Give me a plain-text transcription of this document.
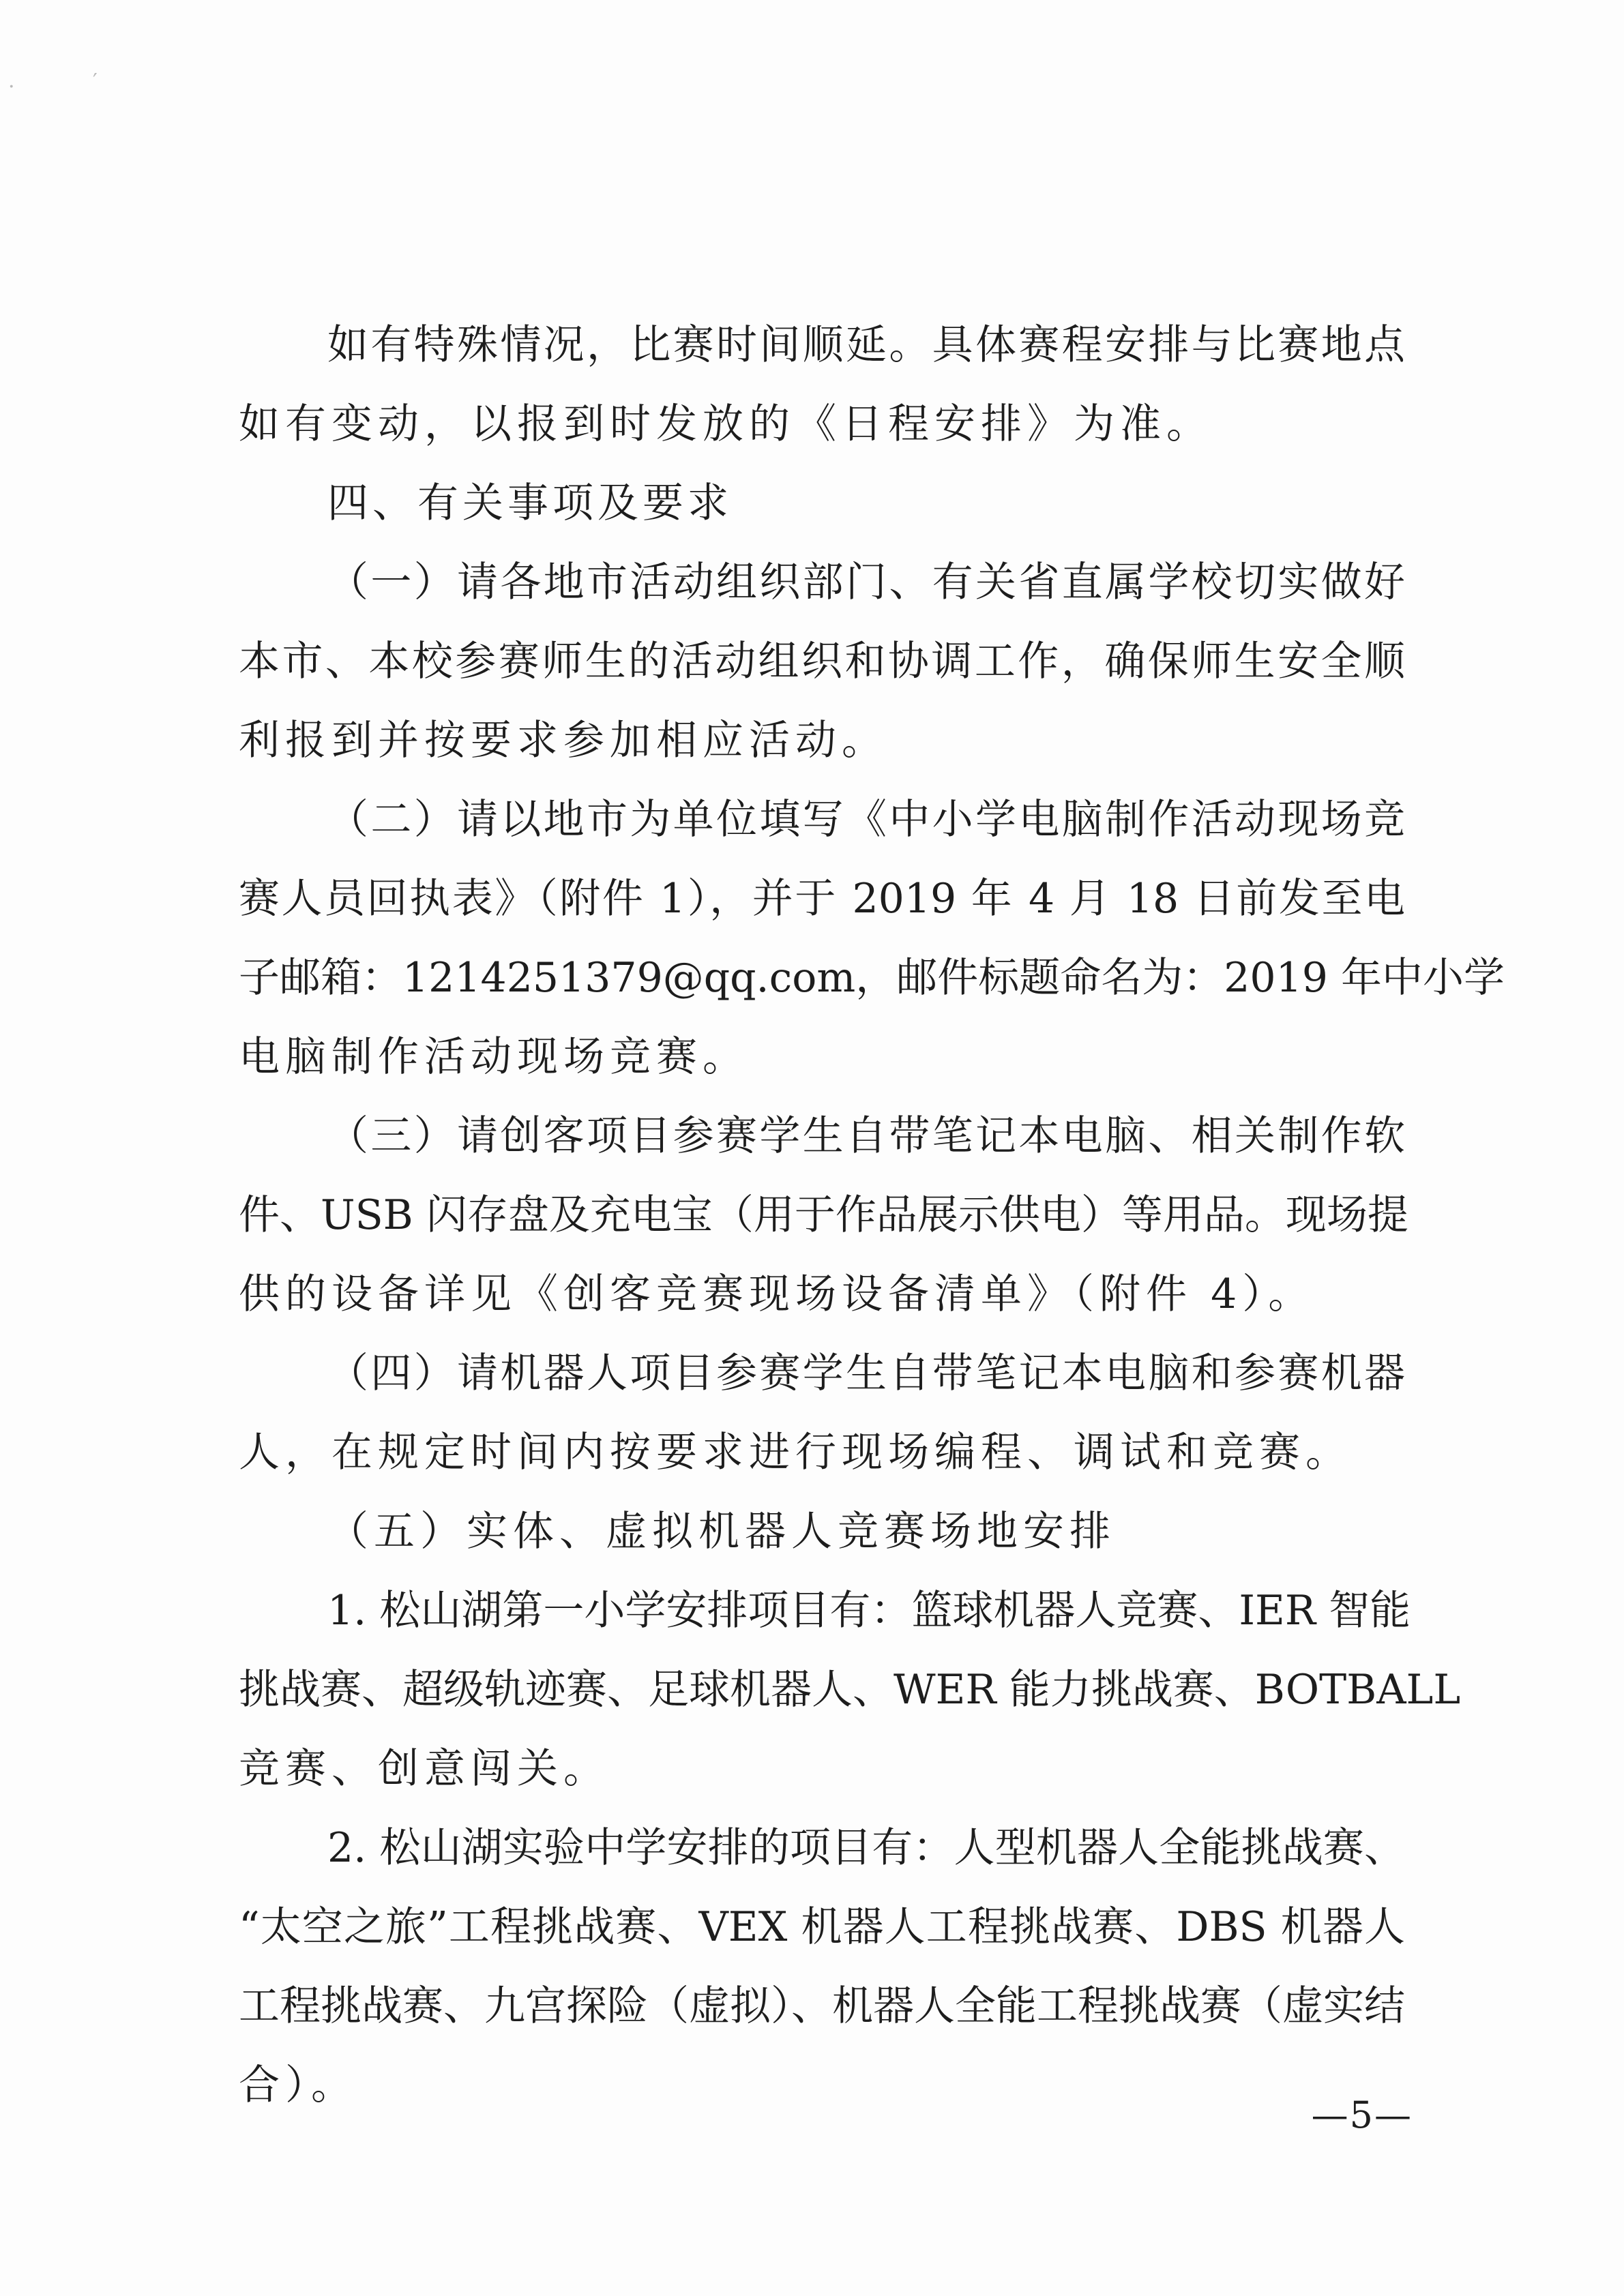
·	′
如有特殊情况，比赛时间顺延。具体赛程安排与比赛地点
如有变动，以报到时发放的《日程安排》为准。
四、有关事项及要求
（一）请各地市活动组织部门、有关省直属学校切实做好
本市、本校参赛师生的活动组织和协调工作，确保师生安全顺
利报到并按要求参加相应活动。
（二）请以地市为单位填写《中小学电脑制作活动现场竞
赛人员回执表》（附件 1），并于 2019 年 4 月 18 日前发至电
子邮箱：1214251379@qq.com，邮件标题命名为：2019 年中小学
电脑制作活动现场竞赛。
（三）请创客项目参赛学生自带笔记本电脑、相关制作软
件、USB 闪存盘及充电宝（用于作品展示供电）等用品。现场提
供的设备详见《创客竞赛现场设备清单》（附件 4）。
（四）请机器人项目参赛学生自带笔记本电脑和参赛机器
人，在规定时间内按要求进行现场编程、调试和竞赛。
（五）实体、虚拟机器人竞赛场地安排
1. 松山湖第一小学安排项目有：篮球机器人竞赛、IER 智能
挑战赛、超级轨迹赛、足球机器人、WER 能力挑战赛、BOTBALL
竞赛、创意闯关。
2. 松山湖实验中学安排的项目有：人型机器人全能挑战赛、
“太空之旅”工程挑战赛、VEX 机器人工程挑战赛、DBS 机器人
工程挑战赛、九宫探险（虚拟）、机器人全能工程挑战赛（虚实结
合）。
—5—
